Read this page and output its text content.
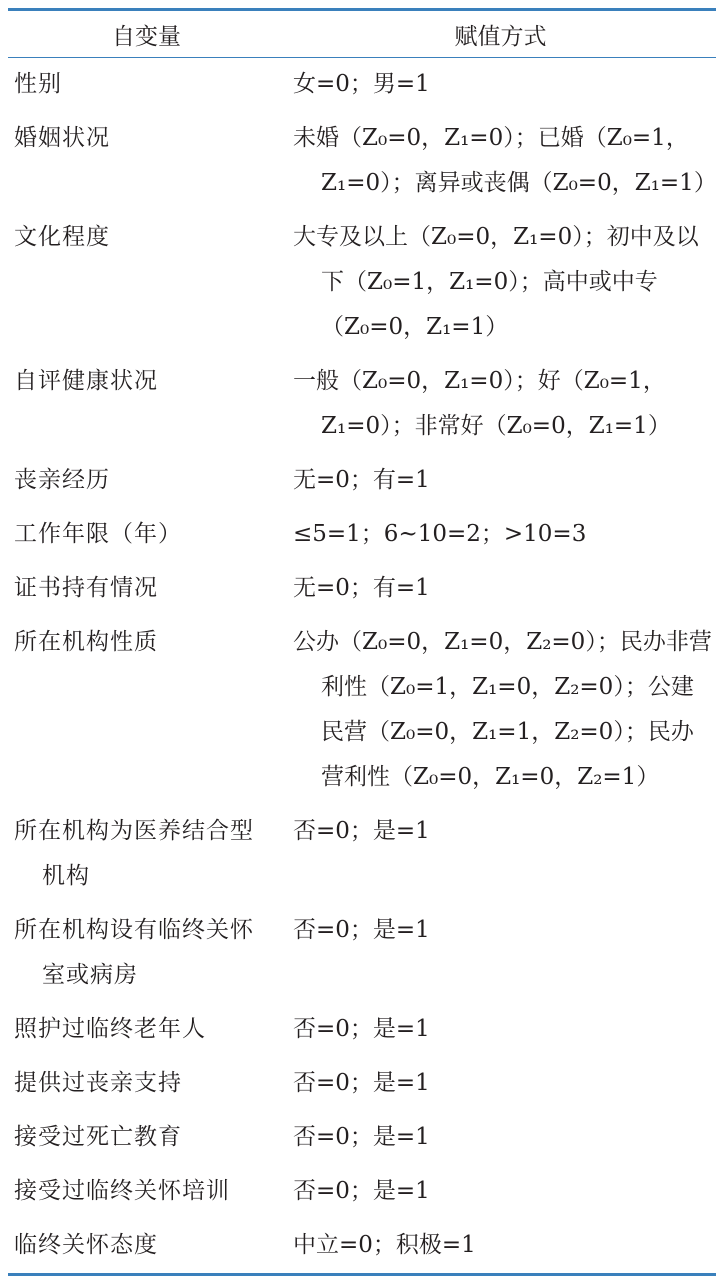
自变量	赋值方式

性别	女=0；男=1

婚姻状况	未婚（Z₀=0，Z₁=0）；已婚（Z₀=1，Z₁=0）；离异或丧偶（Z₀=0，Z₁=1）

文化程度	大专及以上（Z₀=0，Z₁=0）；初中及以下（Z₀=1，Z₁=0）；高中或中专（Z₀=0，Z₁=1）

自评健康状况	一般（Z₀=0，Z₁=0）；好（Z₀=1，Z₁=0）；非常好（Z₀=0，Z₁=1）

丧亲经历	无=0；有=1

工作年限（年）	≤5=1；6~10=2；>10=3

证书持有情况	无=0；有=1

所在机构性质	公办（Z₀=0，Z₁=0，Z₂=0）；民办非营利性（Z₀=1，Z₁=0，Z₂=0）；公建民营（Z₀=0，Z₁=1，Z₂=0）；民办营利性（Z₀=0，Z₁=0，Z₂=1）

所在机构为医养结合型机构	否=0；是=1

所在机构设有临终关怀室或病房	否=0；是=1

照护过临终老年人	否=0；是=1

提供过丧亲支持	否=0；是=1

接受过死亡教育	否=0；是=1

接受过临终关怀培训	否=0；是=1

临终关怀态度	中立=0；积极=1
